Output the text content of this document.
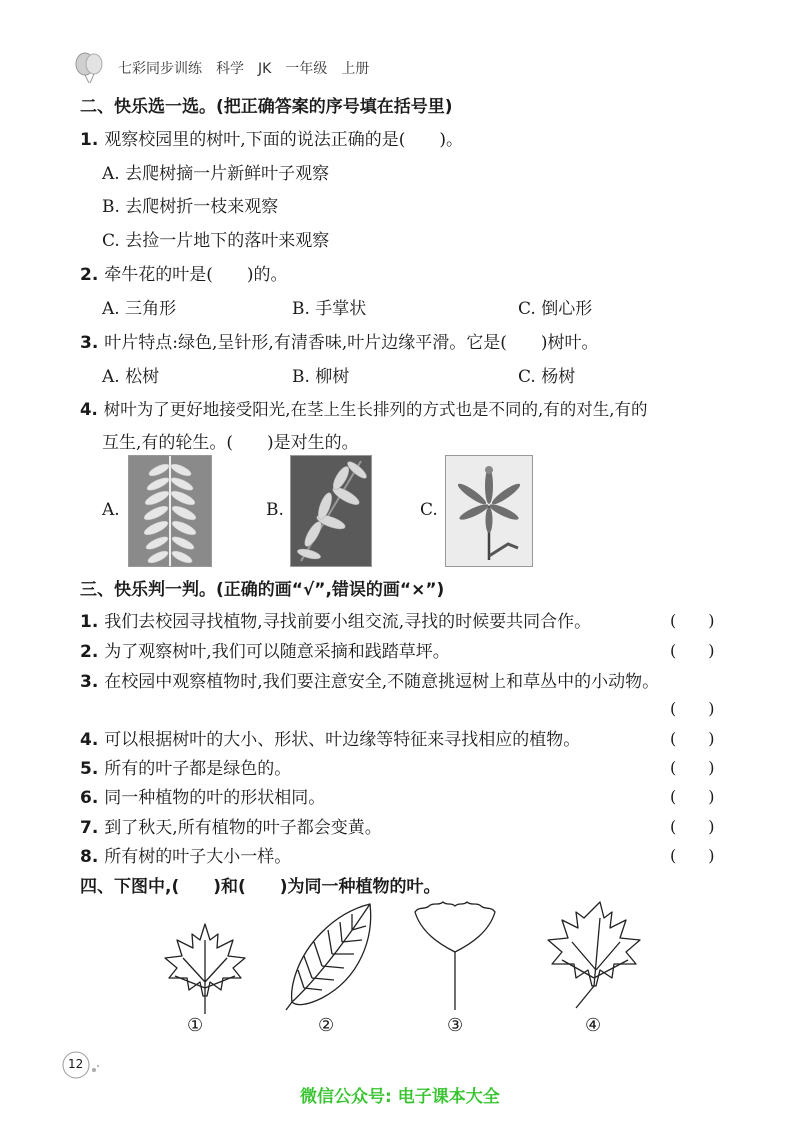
七彩同步训练　科学　JK　一年级　上册
二、快乐选一选。(把正确答案的序号填在括号里)
1. 观察校园里的树叶,下面的说法正确的是(　　)。
A. 去爬树摘一片新鲜叶子观察
B. 去爬树折一枝来观察
C. 去捡一片地下的落叶来观察
2. 牵牛花的叶是(　　)的。
A. 三角形	B. 手掌状	C. 倒心形
3. 叶片特点:绿色,呈针形,有清香味,叶片边缘平滑。它是(　　)树叶。
A. 松树	B. 柳树	C. 杨树
4. 树叶为了更好地接受阳光,在茎上生长排列的方式也是不同的,有的对生,有的
互生,有的轮生。(　　)是对生的。
A.	B.	C.
三、快乐判一判。(正确的画“√”,错误的画“×”)
1. 我们去校园寻找植物,寻找前要小组交流,寻找的时候要共同合作。	(　　)
2. 为了观察树叶,我们可以随意采摘和践踏草坪。	(　　)
3. 在校园中观察植物时,我们要注意安全,不随意挑逗树上和草丛中的小动物。
(　　)
4. 可以根据树叶的大小、形状、叶边缘等特征来寻找相应的植物。	(　　)
5. 所有的叶子都是绿色的。	(　　)
6. 同一种植物的叶的形状相同。	(　　)
7. 到了秋天,所有植物的叶子都会变黄。	(　　)
8. 所有树的叶子大小一样。	(　　)
四、下图中,(　　)和(　　)为同一种植物的叶。
①	②	③	④
12
微信公众号: 电子课本大全
